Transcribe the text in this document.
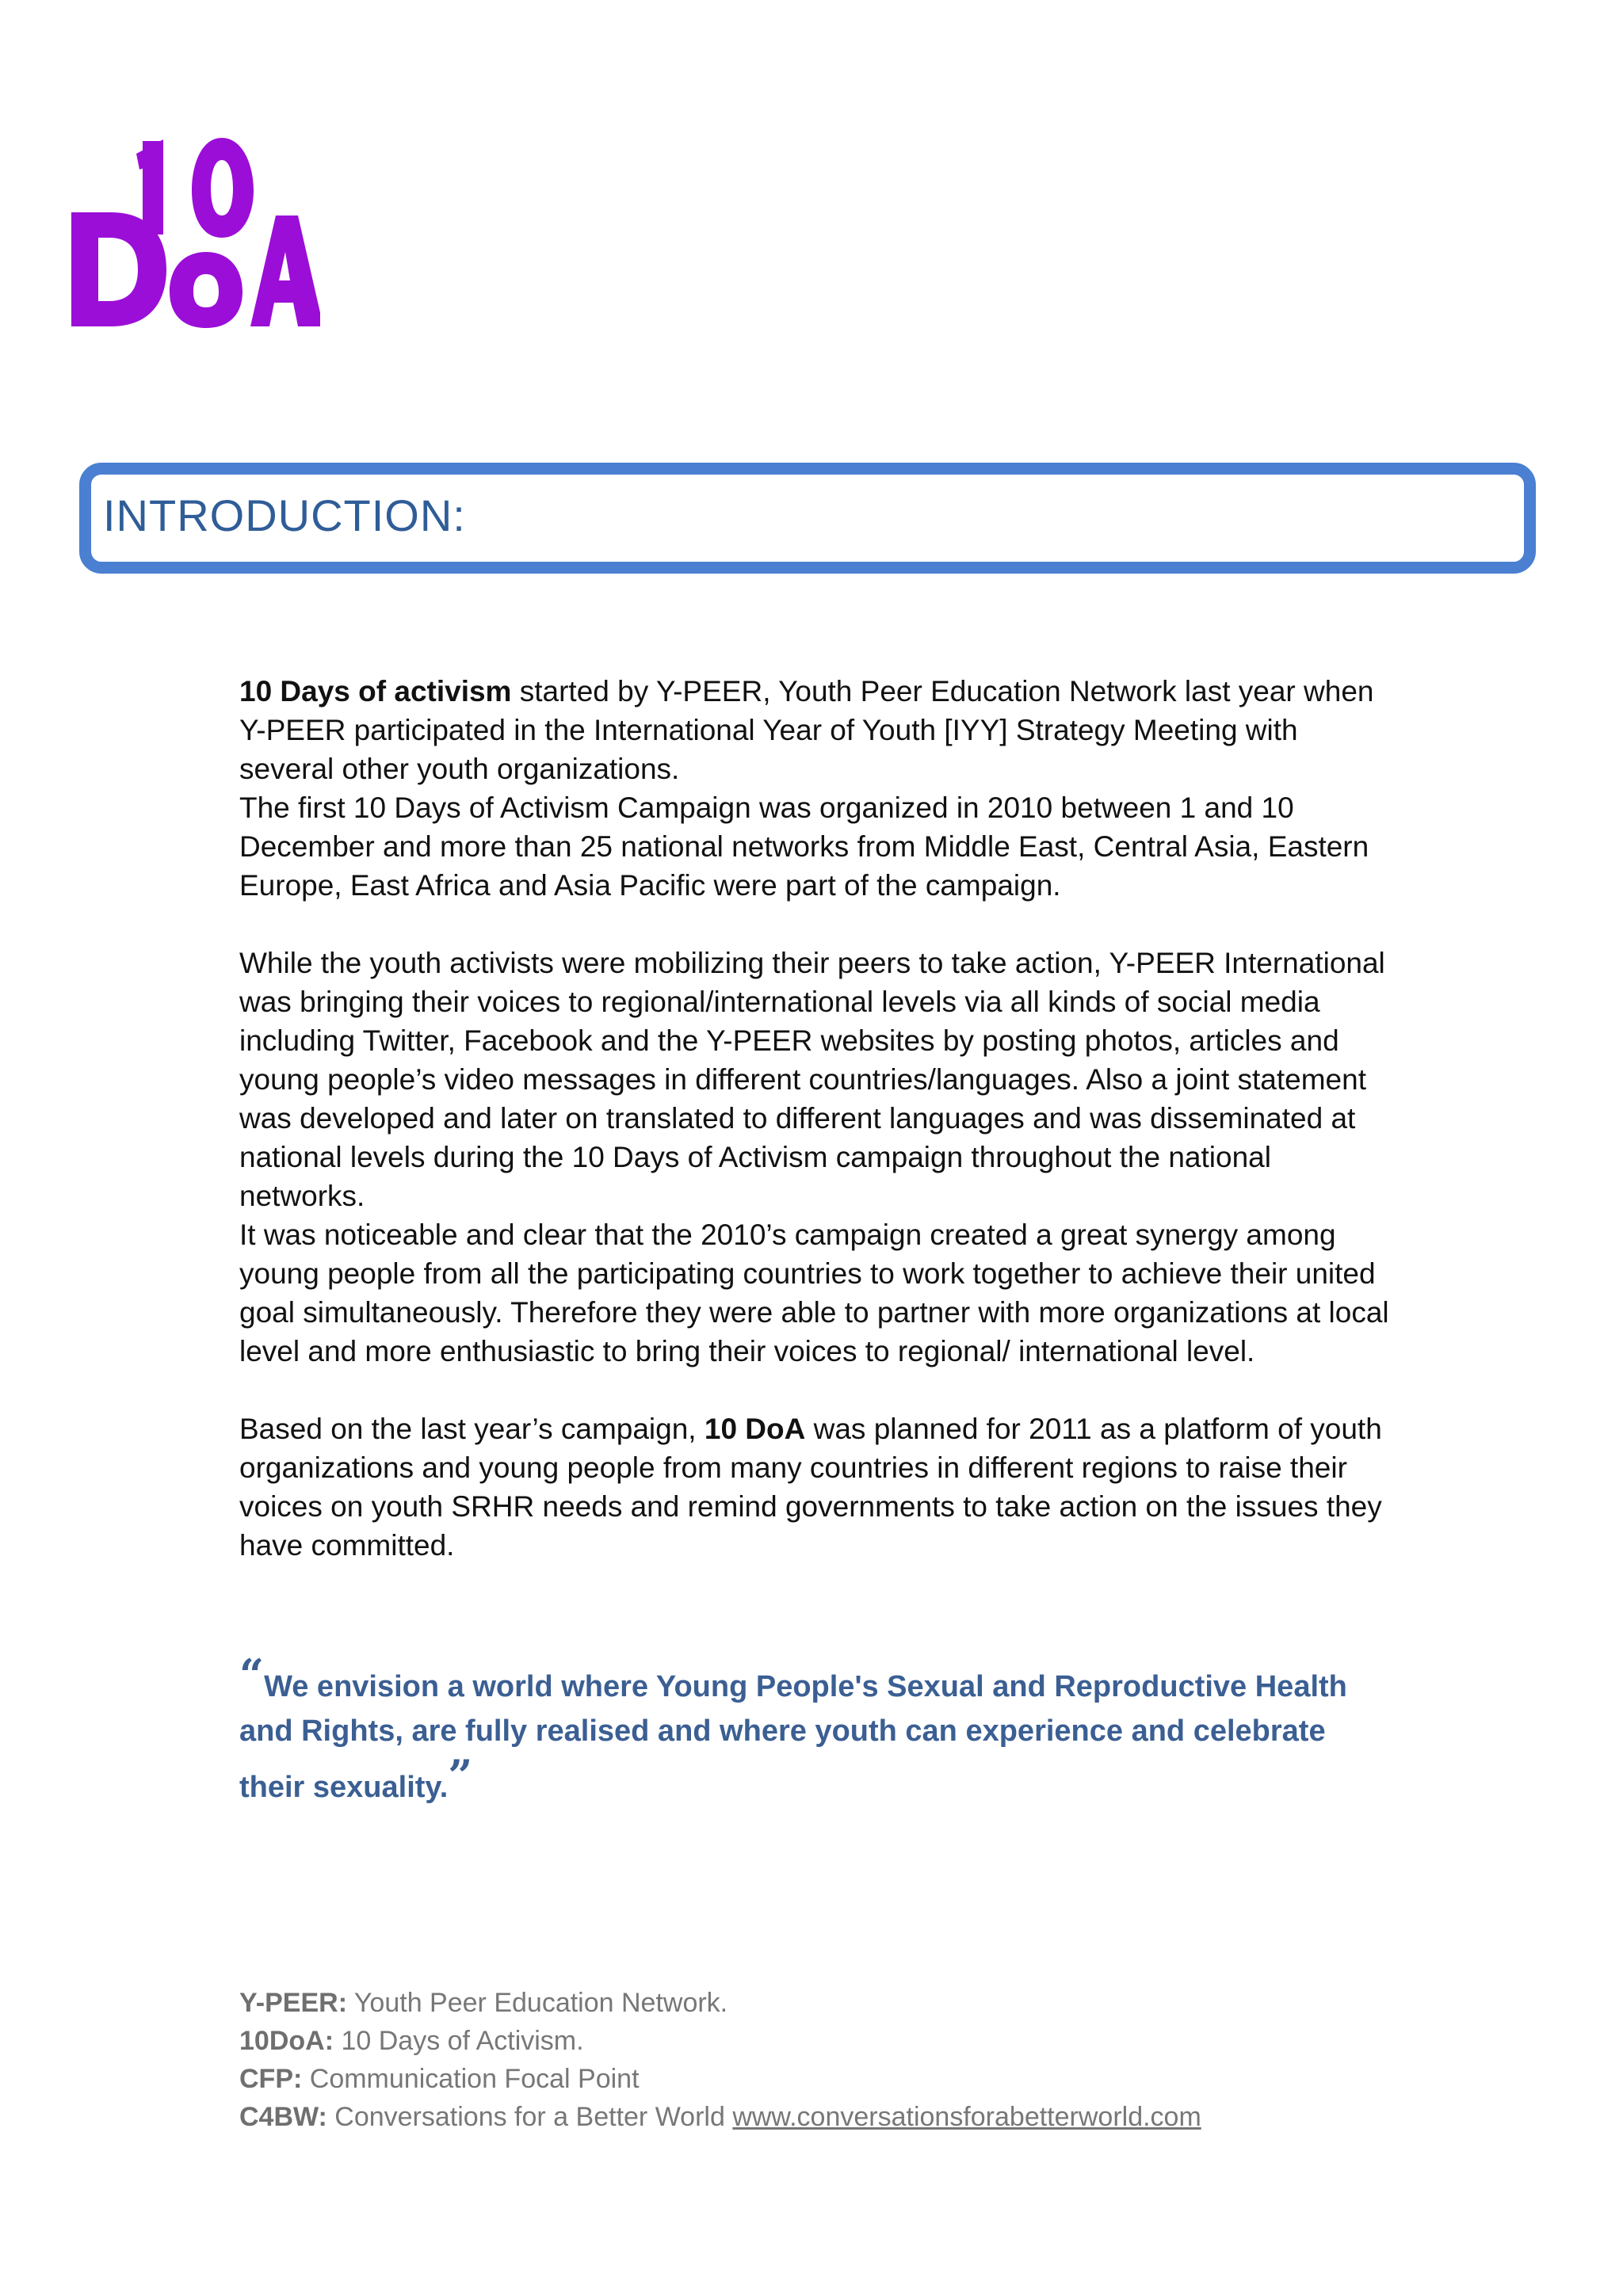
INTRODUCTION:

10 Days of activism started by Y-PEER, Youth Peer Education Network last year when Y-PEER participated in the International Year of Youth [IYY] Strategy Meeting with several other youth organizations.

The first 10 Days of Activism Campaign was organized in 2010 between 1 and 10 December and more than 25 national networks from Middle East, Central Asia, Eastern Europe, East Africa and Asia Pacific were part of the campaign.

While the youth activists were mobilizing their peers to take action, Y-PEER International was bringing their voices to regional/international levels via all kinds of social media including Twitter, Facebook and the Y-PEER websites by posting photos, articles and young people’s video messages in different countries/languages. Also a joint statement was developed and later on translated to different languages and was disseminated at national levels during the 10 Days of Activism campaign throughout the national networks.

It was noticeable and clear that the 2010’s campaign created a great synergy among young people from all the participating countries to work together to achieve their united goal simultaneously. Therefore they were able to partner with more organizations at local level and more enthusiastic to bring their voices to regional/ international level.

Based on the last year’s campaign, 10 DoA was planned for 2011 as a platform of youth organizations and young people from many countries in different regions to raise their voices on youth SRHR needs and remind governments to take action on the issues they have committed.

“We envision a world where Young People's Sexual and Reproductive Health and Rights, are fully realised and where youth can experience and celebrate their sexuality.”
Y-PEER: Youth Peer Education Network.
10DoA: 10 Days of Activism.
CFP: Communication Focal Point
C4BW: Conversations for a Better World www.conversationsforabetterworld.com
